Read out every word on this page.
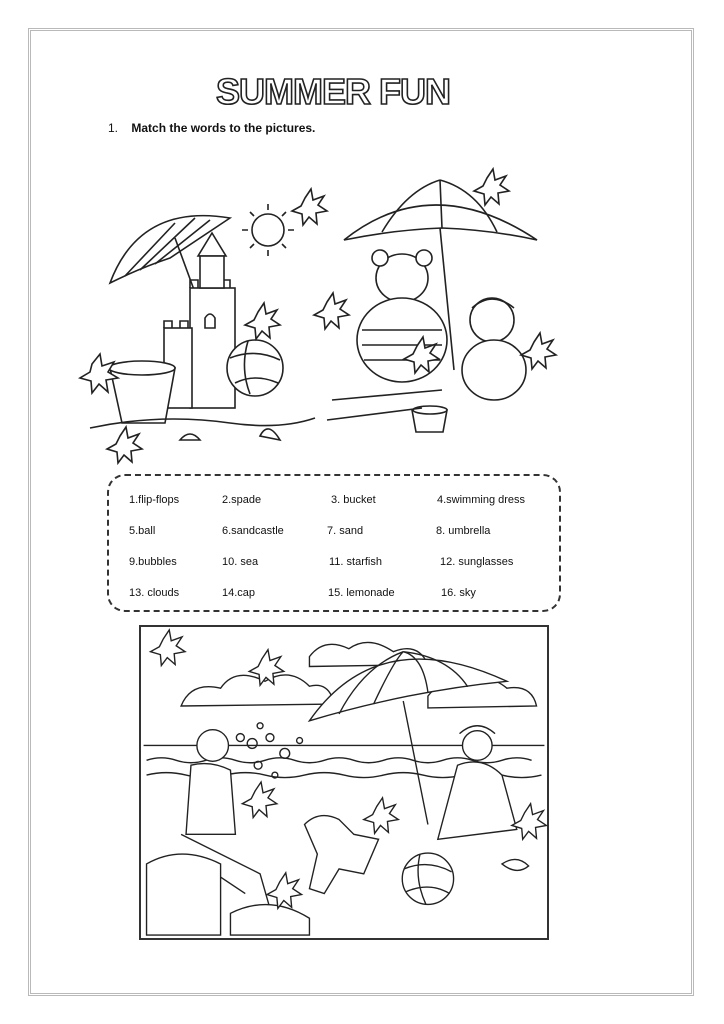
SUMMER FUN
1. Match the words to the pictures.
1.flip-flops	2.spade	3. bucket	4.swimming dress
5.ball	6.sandcastle	7. sand	8. umbrella
9.bubbles	10. sea	11. starfish	12. sunglasses
13. clouds	14.cap	15. lemonade	16. sky
